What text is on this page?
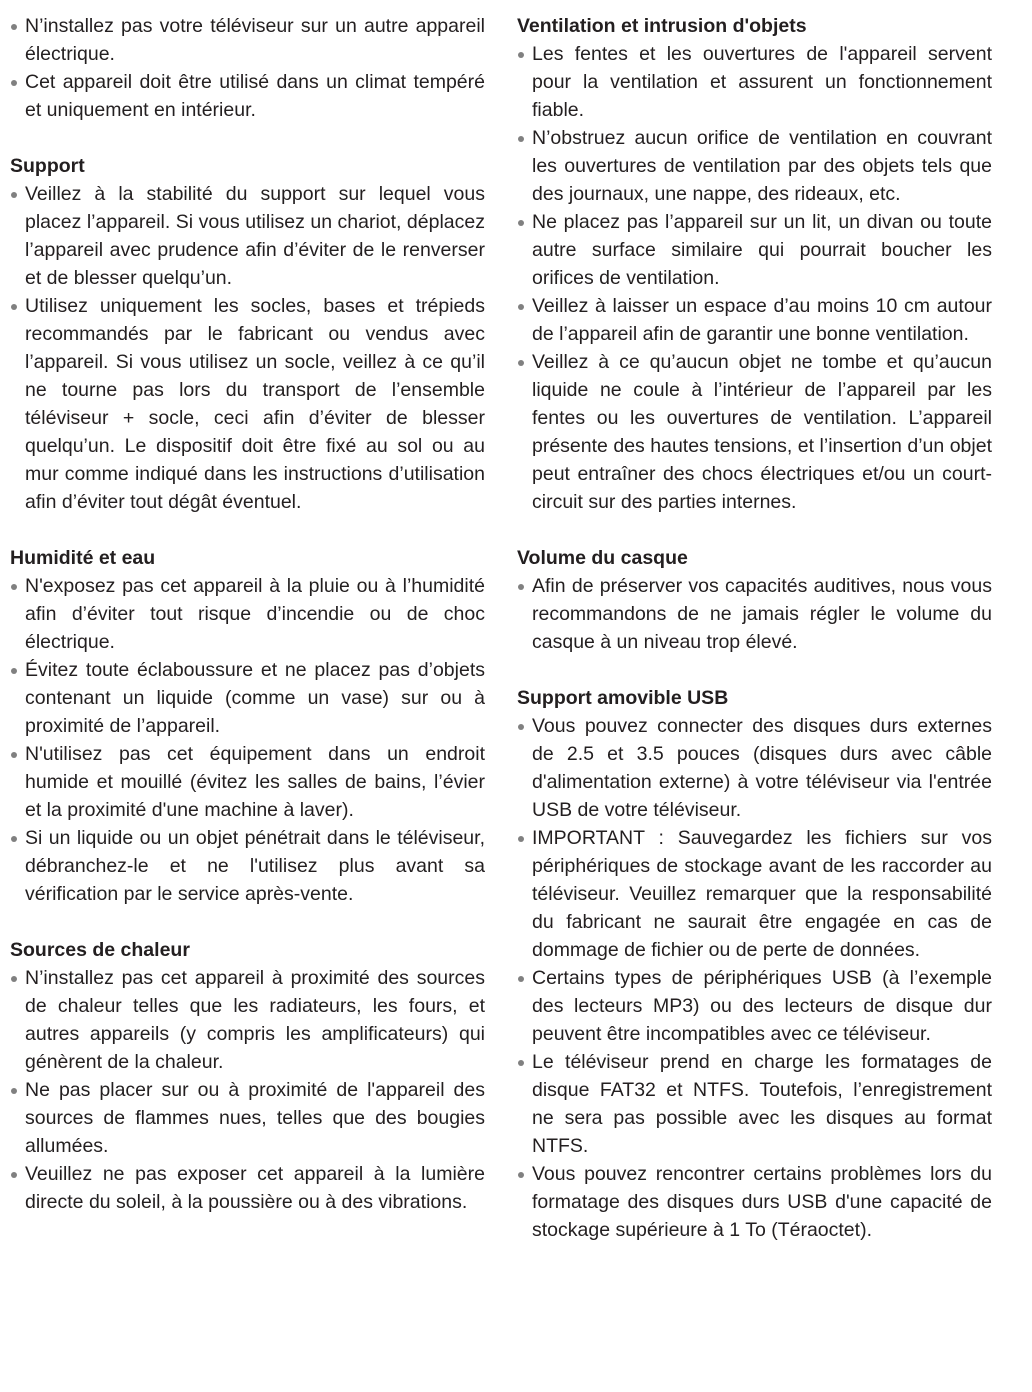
N’installez pas votre téléviseur sur un autre appareil électrique.
Cet appareil doit être utilisé dans un climat tempéré et uniquement en intérieur.
Support
Veillez à la stabilité du support sur lequel vous placez l’appareil. Si vous utilisez un chariot, déplacez l’appareil avec prudence afin d’éviter de le renverser et de blesser quelqu’un.
Utilisez uniquement les socles, bases et trépieds recommandés par le fabricant ou vendus avec l’appareil. Si vous utilisez un socle, veillez à ce qu’il ne tourne pas lors du transport de l’ensemble téléviseur + socle, ceci afin d’éviter de blesser quelqu’un. Le dispositif doit être fixé au sol ou au mur comme indiqué dans les instructions d’utilisation afin d’éviter tout dégât éventuel.
Humidité et eau
N'exposez pas cet appareil à la pluie ou à l’humidité afin d’éviter tout risque d’incendie ou de choc électrique.
Évitez toute éclaboussure et ne placez pas d’objets contenant un liquide (comme un vase) sur ou à proximité de l’appareil.
N'utilisez pas cet équipement dans un endroit humide et mouillé (évitez les salles de bains, l’évier et la proximité d'une machine à laver).
Si un liquide ou un objet pénétrait dans le téléviseur, débranchez-le et ne l'utilisez plus avant sa vérification par le service après-vente.
Sources de chaleur
N’installez pas cet appareil à proximité des sources de chaleur telles que les radiateurs, les fours, et autres appareils (y compris les amplificateurs) qui génèrent de la chaleur.
Ne pas placer sur ou à proximité de l'appareil des sources de flammes nues, telles que des bougies allumées.
Veuillez ne pas exposer cet appareil à la lumière directe du soleil, à la poussière ou à des vibrations.
Ventilation et intrusion d'objets
Les fentes et les ouvertures de l'appareil servent pour la ventilation et assurent un fonctionnement fiable.
N’obstruez aucun orifice de ventilation en couvrant les ouvertures de ventilation par des objets tels que des journaux, une nappe, des rideaux, etc.
Ne placez pas l’appareil sur un lit, un divan ou toute autre surface similaire qui pourrait boucher les orifices de ventilation.
Veillez à laisser un espace d’au moins 10 cm autour de l’appareil afin de garantir une bonne ventilation.
Veillez à ce qu’aucun objet ne tombe et qu’aucun liquide ne coule à l’intérieur de l’appareil par les fentes ou les ouvertures de ventilation. L’appareil présente des hautes tensions, et l’insertion d’un objet peut entraîner des chocs électriques et/ou un court-circuit sur des parties internes.
Volume du casque
Afin de préserver vos capacités auditives, nous vous recommandons de ne jamais régler le volume du casque à un niveau trop élevé.
Support amovible USB
Vous pouvez connecter des disques durs externes de 2.5 et 3.5 pouces (disques durs avec câble d'alimentation externe) à votre téléviseur via l'entrée USB de votre téléviseur.
IMPORTANT : Sauvegardez les fichiers sur vos périphériques de stockage avant de les raccorder au téléviseur. Veuillez remarquer que la responsabilité du fabricant ne saurait être engagée en cas de dommage de fichier ou de perte de données.
Certains types de périphériques USB (à l’exemple des lecteurs MP3) ou des lecteurs de disque dur peuvent être incompatibles avec ce téléviseur.
Le téléviseur prend en charge les formatages de disque FAT32 et NTFS. Toutefois, l’enregistrement ne sera pas possible avec les disques au format NTFS.
Vous pouvez rencontrer certains problèmes lors du formatage des disques durs USB d'une capacité de stockage supérieure à 1 To (Téraoctet).
